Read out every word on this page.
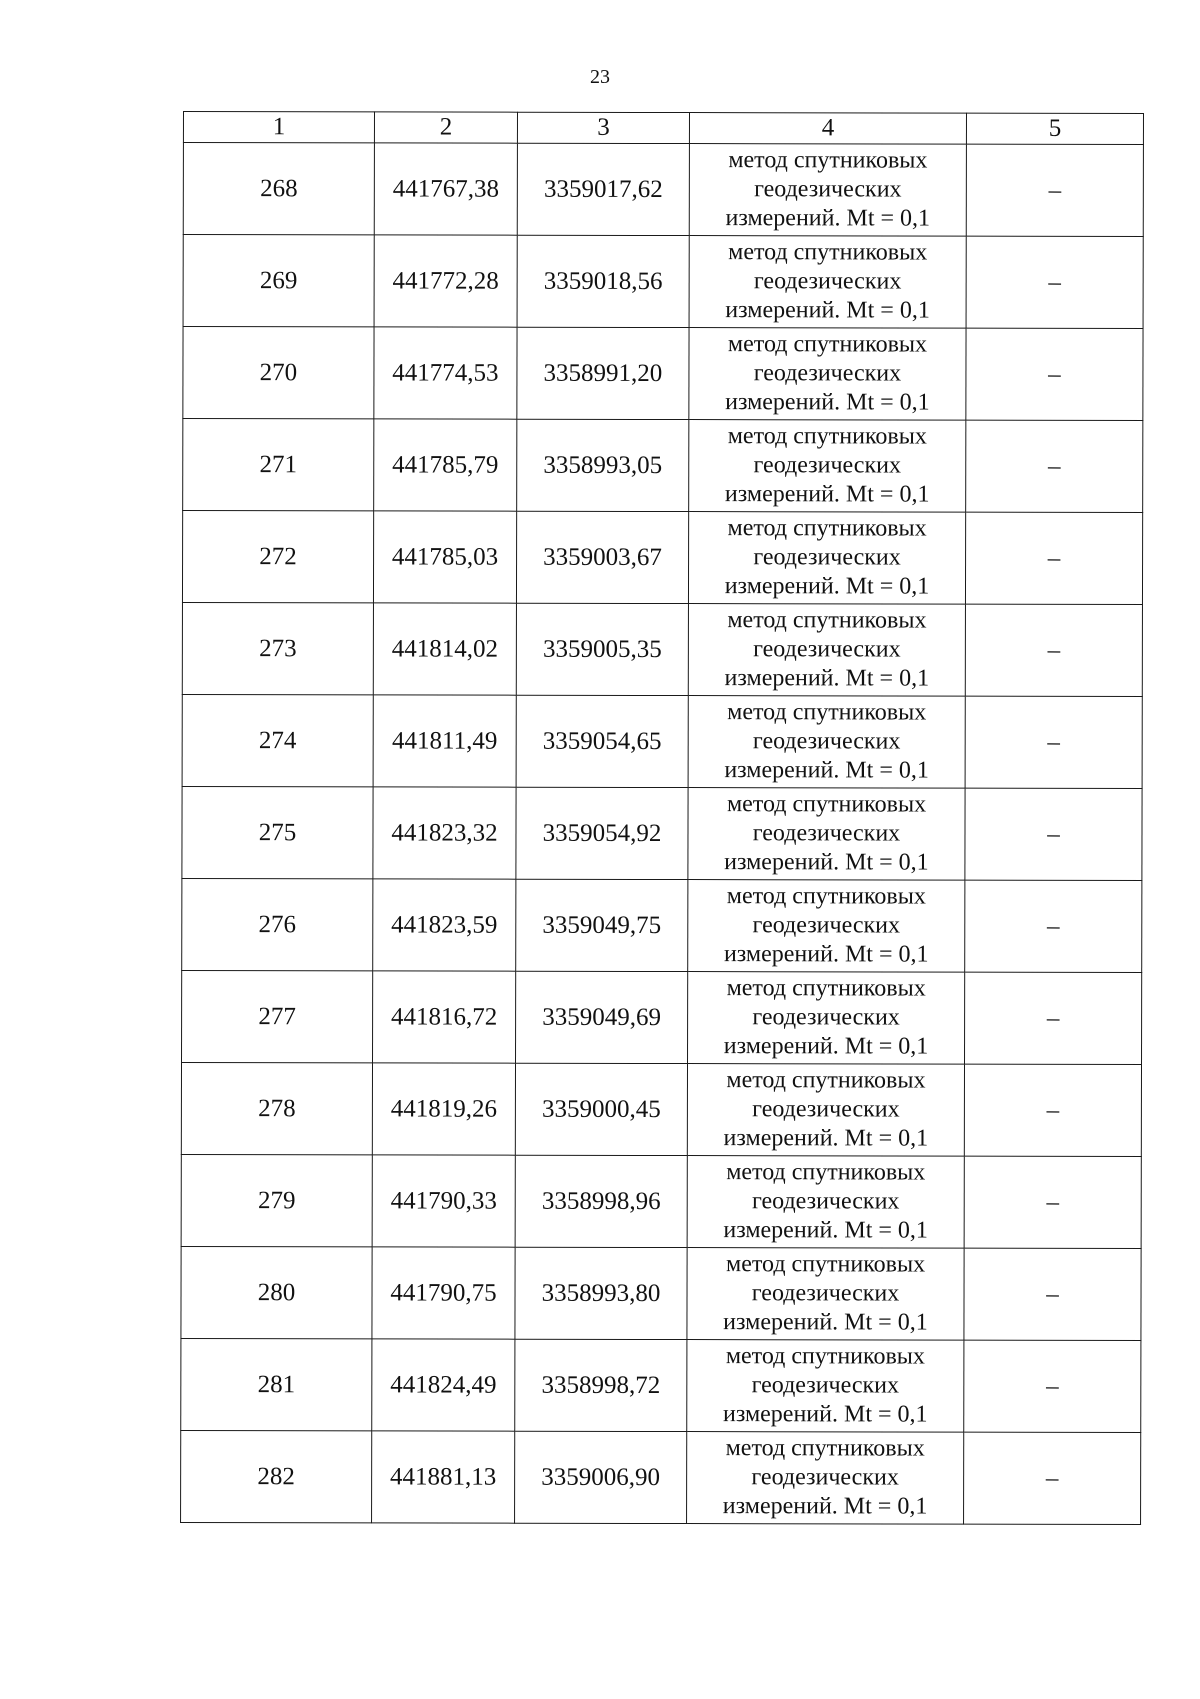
23
1	2	3	4	5
268	441767,38	3359017,62	метод спутниковых
геодезических
измерений. Mt = 0,1	–
269	441772,28	3359018,56	метод спутниковых
геодезических
измерений. Mt = 0,1	–
270	441774,53	3358991,20	метод спутниковых
геодезических
измерений. Mt = 0,1	–
271	441785,79	3358993,05	метод спутниковых
геодезических
измерений. Mt = 0,1	–
272	441785,03	3359003,67	метод спутниковых
геодезических
измерений. Mt = 0,1	–
273	441814,02	3359005,35	метод спутниковых
геодезических
измерений. Mt = 0,1	–
274	441811,49	3359054,65	метод спутниковых
геодезических
измерений. Mt = 0,1	–
275	441823,32	3359054,92	метод спутниковых
геодезических
измерений. Mt = 0,1	–
276	441823,59	3359049,75	метод спутниковых
геодезических
измерений. Mt = 0,1	–
277	441816,72	3359049,69	метод спутниковых
геодезических
измерений. Mt = 0,1	–
278	441819,26	3359000,45	метод спутниковых
геодезических
измерений. Mt = 0,1	–
279	441790,33	3358998,96	метод спутниковых
геодезических
измерений. Mt = 0,1	–
280	441790,75	3358993,80	метод спутниковых
геодезических
измерений. Mt = 0,1	–
281	441824,49	3358998,72	метод спутниковых
геодезических
измерений. Mt = 0,1	–
282	441881,13	3359006,90	метод спутниковых
геодезических
измерений. Mt = 0,1	–
